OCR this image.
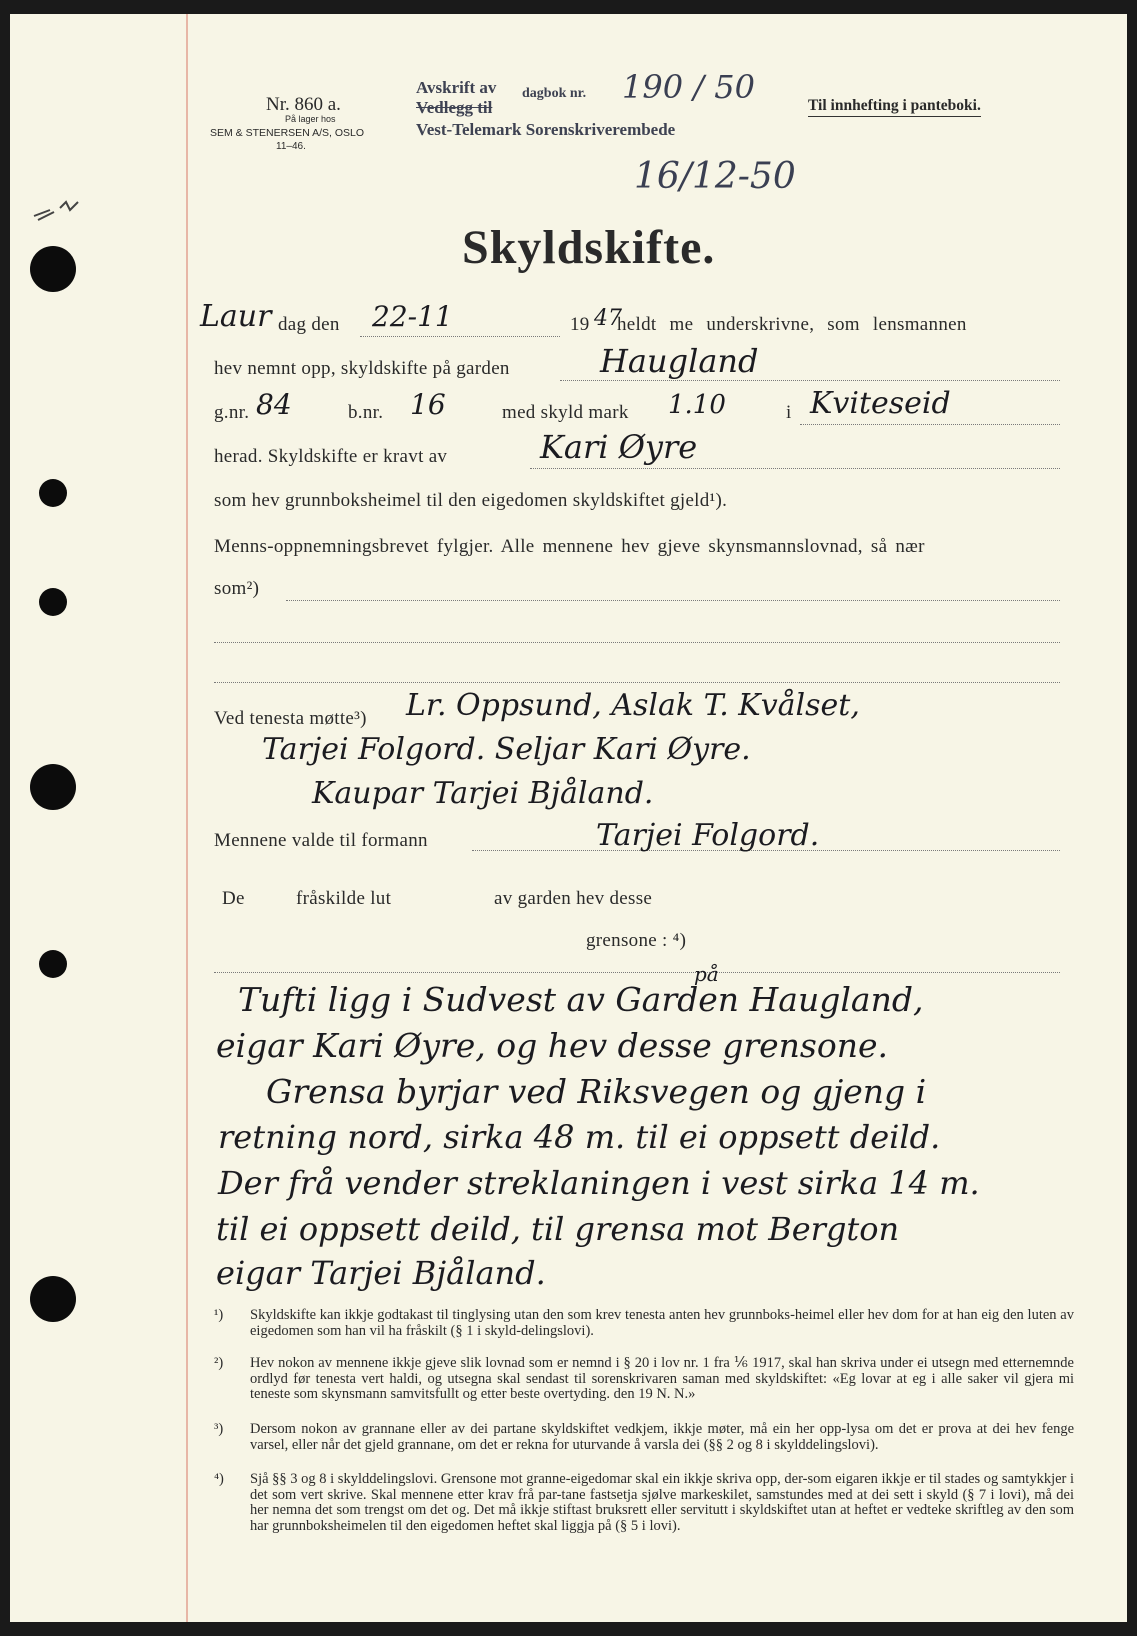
Nr. 860 a.
På lager hos
SEM & STENERSEN A/S, OSLO
11–46.
Avskrift av
Vedlegg til
dagbok nr.
Vest-Telemark Sorenskriverembede
190 / 50
16/12-50
Til innhefting i panteboki.
Skyldskifte.
Laur dag den 22-11	19 47
heldt me underskrivne, som lensmannen
hev nemnt opp, skyldskifte på garden	Haugland
g.nr. 84	b.nr. 16	med skyld mark 1.10	i Kviteseid
herad. Skyldskifte er kravt av	Kari Øyre
som hev grunnboksheimel til den eigedomen skyldskiftet gjeld¹).
Menns-oppnemningsbrevet fylgjer. Alle mennene hev gjeve skynsmannslovnad, så nær
som²)
Ved tenesta møtte³) Lr. Oppsund, Aslak T. Kvålset,
Tarjei Folgord. Seljar Kari Øyre.
Kaupar Tarjei Bjåland.
Mennene valde til formann	Tarjei Folgord.
De	fråskilde lut	av garden hev desse
grensone : ⁴)
på
Tufti ligg i Sudvest av Garden Haugland,
eigar Kari Øyre, og hev desse grensone.
Grensa byrjar ved Riksvegen og gjeng i
retning nord, sirka 48 m. til ei oppsett deild.
Der frå vender streklaningen i vest sirka 14 m.
til ei oppsett deild, til grensa mot Bergton
eigar Tarjei Bjåland.
¹) Skyldskifte kan ikkje godtakast til tinglysing utan den som krev tenesta anten hev grunnboks-heimel eller hev dom for at han eig den luten av eigedomen som han vil ha fråskilt (§ 1 i skyld-delingslovi).
²) Hev nokon av mennene ikkje gjeve slik lovnad som er nemnd i § 20 i lov nr. 1 fra ⅙ 1917, skal han skriva under ei utsegn med etternemnde ordlyd før tenesta vert haldi, og utsegna skal sendast til sorenskrivaren saman med skyldskiftet: «Eg lovar at eg i alle saker vil gjera mi teneste som skynsmann samvitsfullt og etter beste overtyding. den 19 N. N.»
³) Dersom nokon av grannane eller av dei partane skyldskiftet vedkjem, ikkje møter, må ein her opp-lysa om det er prova at dei hev fenge varsel, eller når det gjeld grannane, om det er rekna for uturvande å varsla dei (§§ 2 og 8 i skylddelingslovi).
⁴) Sjå §§ 3 og 8 i skylddelingslovi. Grensone mot granne-eigedomar skal ein ikkje skriva opp, der-som eigaren ikkje er til stades og samtykkjer i det som vert skrive. Skal mennene etter krav frå par-tane fastsetja sjølve markeskilet, samstundes med at dei sett i skyld (§ 7 i lovi), må dei her nemna det som trengst om det og. Det må ikkje stiftast bruksrett eller servitutt i skyldskiftet utan at heftet er vedteke skriftleg av den som har grunnboksheimelen til den eigedomen heftet skal liggja på (§ 5 i lovi).
